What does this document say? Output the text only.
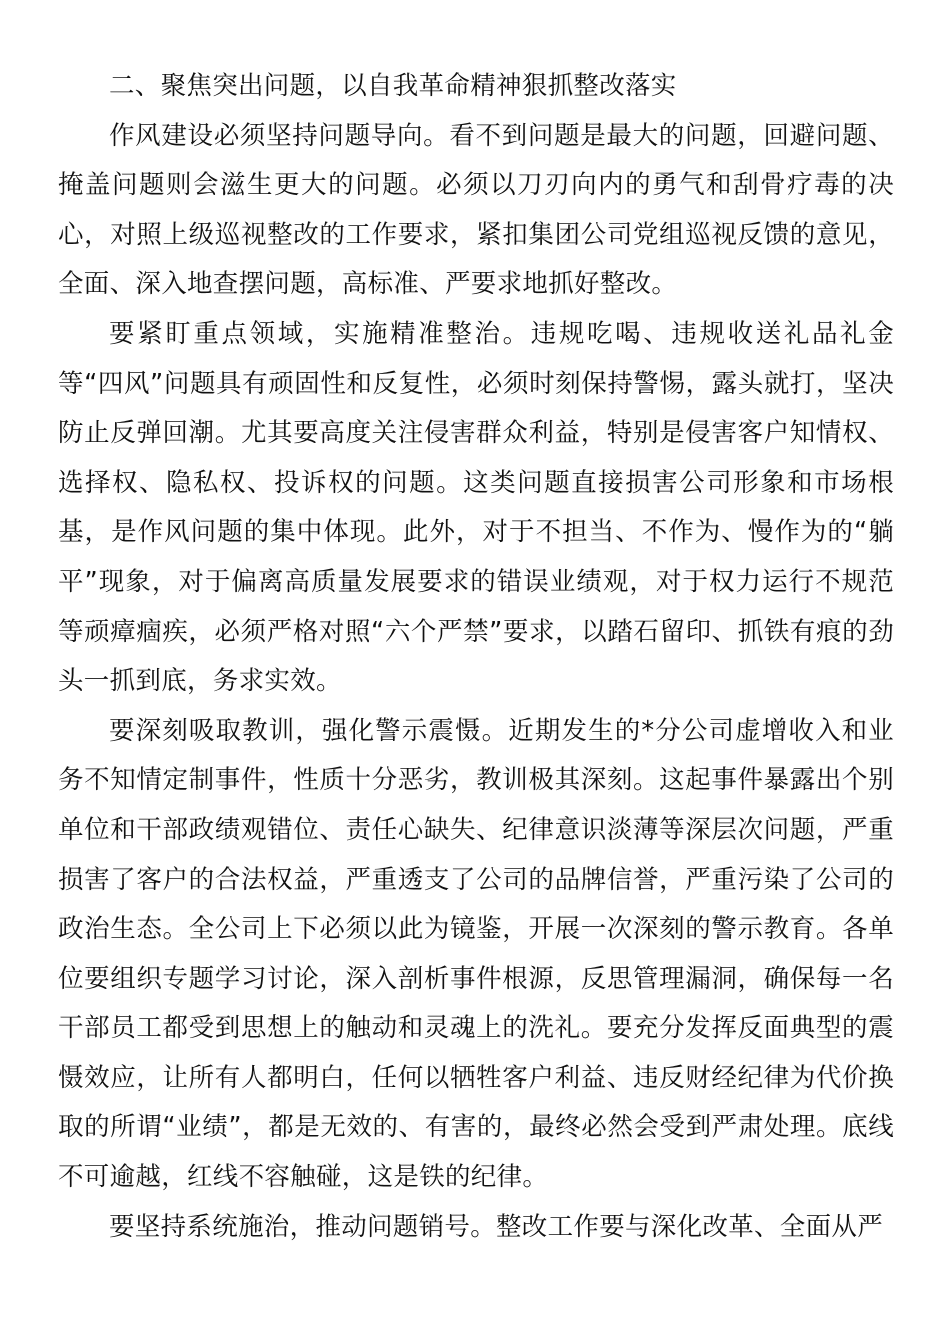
二、聚焦突出问题，以自我革命精神狠抓整改落实

作风建设必须坚持问题导向。看不到问题是最大的问题，回避问题、掩盖问题则会滋生更大的问题。必须以刀刃向内的勇气和刮骨疗毒的决心，对照上级巡视整改的工作要求，紧扣集团公司党组巡视反馈的意见，全面、深入地查摆问题，高标准、严要求地抓好整改。

要紧盯重点领域，实施精准整治。违规吃喝、违规收送礼品礼金等“四风”问题具有顽固性和反复性，必须时刻保持警惕，露头就打，坚决防止反弹回潮。尤其要高度关注侵害群众利益，特别是侵害客户知情权、选择权、隐私权、投诉权的问题。这类问题直接损害公司形象和市场根基，是作风问题的集中体现。此外，对于不担当、不作为、慢作为的“躺平”现象，对于偏离高质量发展要求的错误业绩观，对于权力运行不规范等顽瘴痼疾，必须严格对照“六个严禁”要求，以踏石留印、抓铁有痕的劲头一抓到底，务求实效。

要深刻吸取教训，强化警示震慑。近期发生的*分公司虚增收入和业务不知情定制事件，性质十分恶劣，教训极其深刻。这起事件暴露出个别单位和干部政绩观错位、责任心缺失、纪律意识淡薄等深层次问题，严重损害了客户的合法权益，严重透支了公司的品牌信誉，严重污染了公司的政治生态。全公司上下必须以此为镜鉴，开展一次深刻的警示教育。各单位要组织专题学习讨论，深入剖析事件根源，反思管理漏洞，确保每一名干部员工都受到思想上的触动和灵魂上的洗礼。要充分发挥反面典型的震慑效应，让所有人都明白，任何以牺牲客户利益、违反财经纪律为代价换取的所谓“业绩”，都是无效的、有害的，最终必然会受到严肃处理。底线不可逾越，红线不容触碰，这是铁的纪律。

要坚持系统施治，推动问题销号。整改工作要与深化改革、全面从严
